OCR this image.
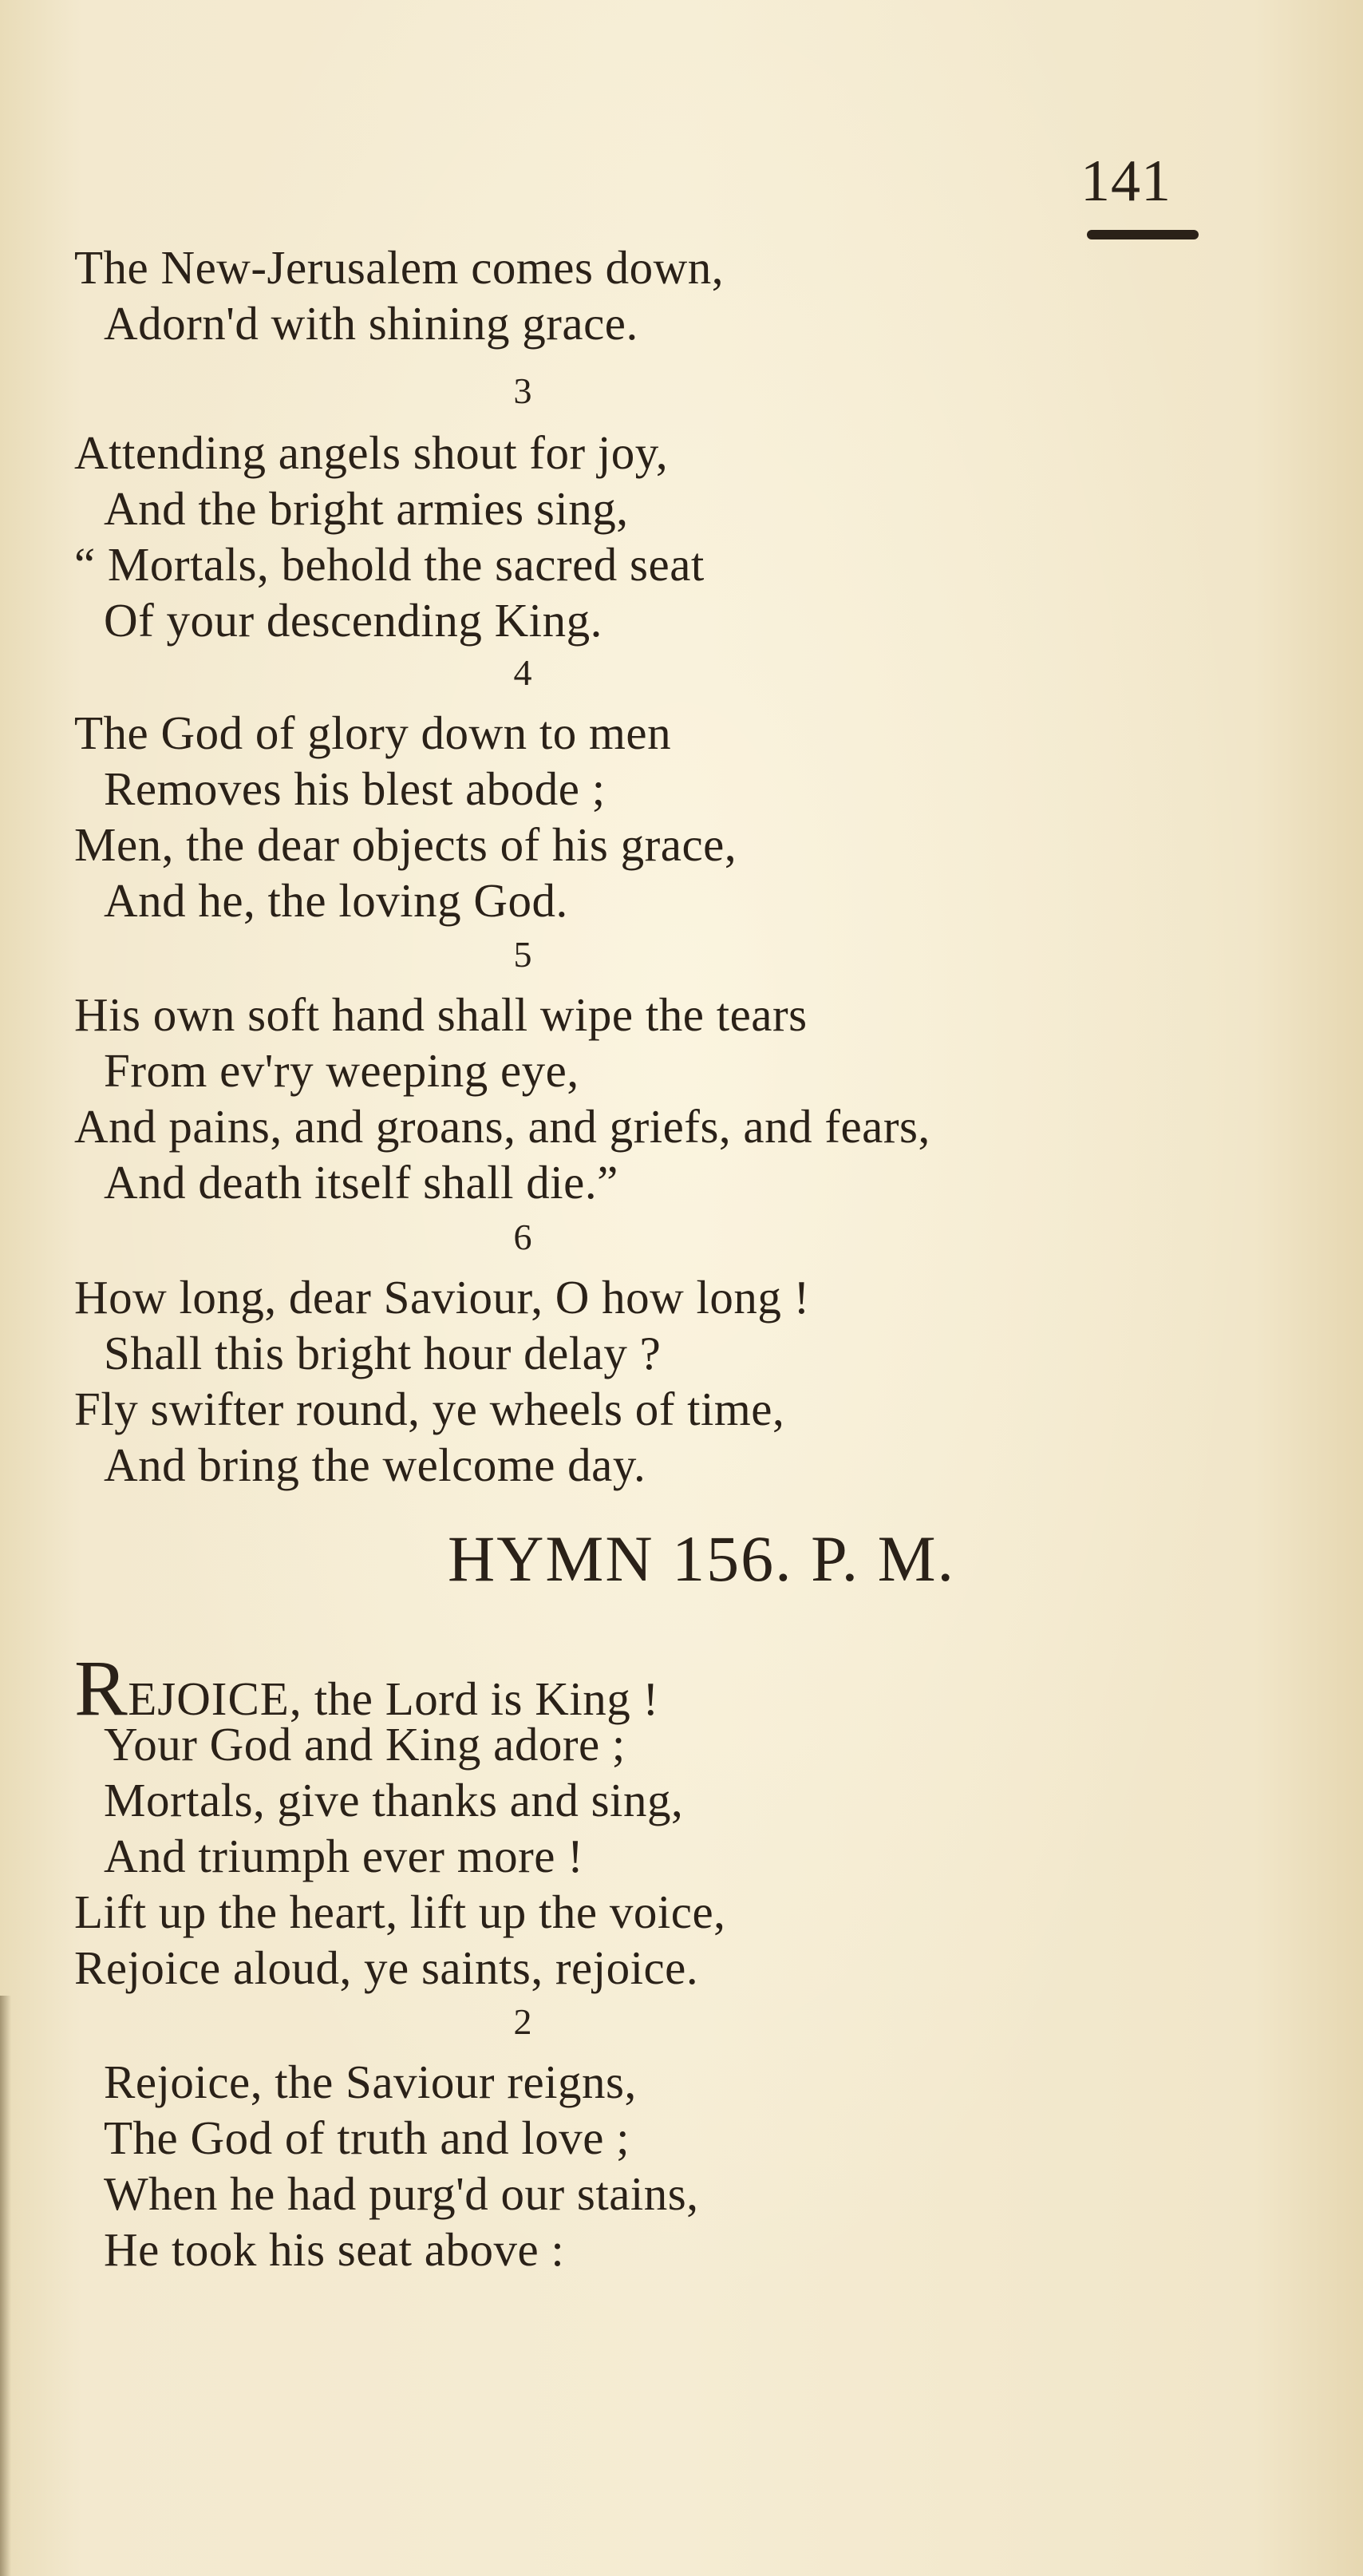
141
The New-Jerusalem comes down,
Adorn'd with shining grace.
3
Attending angels shout for joy,
And the bright armies sing,
“ Mortals, behold the sacred seat
Of your descending King.
4
The God of glory down to men
Removes his blest abode ;
Men, the dear objects of his grace,
And he, the loving God.
5
His own soft hand shall wipe the tears
From ev'ry weeping eye,
And pains, and groans, and griefs, and fears,
And death itself shall die.”
6
How long, dear Saviour, O how long !
Shall this bright hour delay ?
Fly swifter round, ye wheels of time,
And bring the welcome day.
HYMN 156. P. M.
REJOICE, the Lord is King !
Your God and King adore ;
Mortals, give thanks and sing,
And triumph ever more !
Lift up the heart, lift up the voice,
Rejoice aloud, ye saints, rejoice.
2
Rejoice, the Saviour reigns,
The God of truth and love ;
When he had purg'd our stains,
He took his seat above :
